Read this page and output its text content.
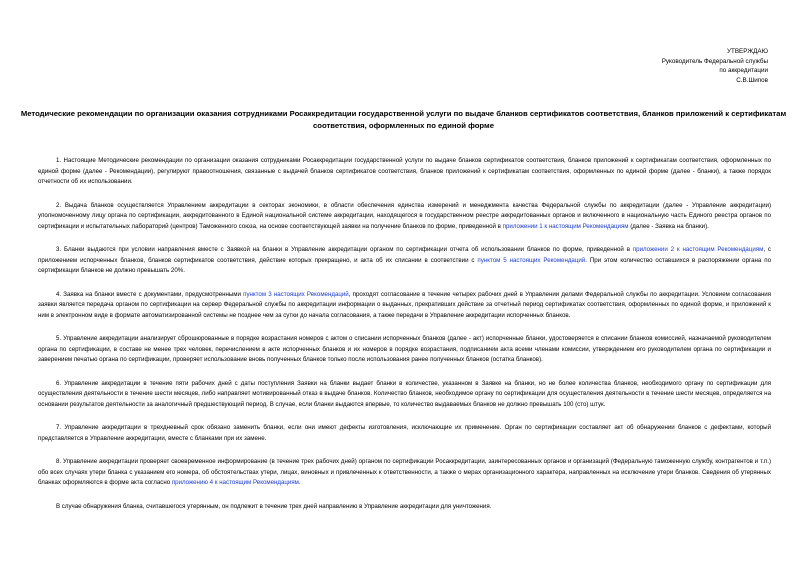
УТВЕРЖДАЮ
Руководитель Федеральной службы
по аккредитации
С.В.Шипов
Методические рекомендации по организации оказания сотрудниками Росаккредитации государственной услуги по выдаче бланков сертификатов соответствия, бланков приложений к сертификатам соответствия, оформленных по единой форме

1. Настоящие Методические рекомендации по организации оказания сотрудниками Росаккредитации государственной услуги по выдаче бланков сертификатов соответствия, бланков приложений к сертификатам соответствия, оформленных по единой форме (далее - Рекомендации), регулируют правоотношения, связанные с выдачей бланков сертификатов соответствия, бланков приложений к сертификатам соответствия, оформленных по единой форме (далее - бланки), а также порядок отчетности об их использовании.

2. Выдача бланков осуществляется Управлением аккредитации в секторах экономики, в области обеспечения единства измерений и менеджмента качества Федеральной службы по аккредитации (далее - Управление аккредитации) уполномоченному лицу органа по сертификации, аккредитованного в Единой национальной системе аккредитации, находящегося в государственном реестре аккредитованных органов и включенного в национальную часть Единого реестра органов по сертификации и испытательных лабораторий (центров) Таможенного союза, на основе соответствующей заявки на получение бланков по форме, приведенной в приложении 1 к настоящим Рекомендациям (далее - Заявка на бланки).

3. Бланки выдаются при условии направления вместе с Заявкой на бланки в Управление аккредитации органом по сертификации отчета об использовании бланков по форме, приведенной в приложении 2 к настоящим Рекомендациям, с приложением испорченных бланков, бланков сертификатов соответствия, действие которых прекращено, и акта об их списании в соответствии с пунктом 5 настоящих Рекомендаций. При этом количество оставшихся в распоряжении органа по сертификации бланков не должно превышать 20%.

4. Заявка на бланки вместе с документами, предусмотренными пунктом 3 настоящих Рекомендаций, проходят согласование в течение четырех рабочих дней в Управлении делами Федеральной службы по аккредитации. Условием согласования заявки является передача органом по сертификации на сервер Федеральной службы по аккредитации информации о выданных, прекративших действие за отчетный период сертификатах соответствия, оформленных по единой форме, и приложений к ним в электронном виде в формате автоматизированной системы не позднее чем за сутки до начала согласования, а также передачи в Управление аккредитации испорченных бланков.

5. Управление аккредитации анализирует сброшюрованные в порядке возрастания номеров с актом о списании испорченных бланков (далее - акт) испорченные бланки, удостоверяется в списании бланков комиссией, назначаемой руководителем органа по сертификации, в составе не менее трех человек, перечислением в акте испорченных бланков и их номеров в порядке возрастания, подписанием акта всеми членами комиссии, утверждением его руководителем органа по сертификации и заверением печатью органа по сертификации, проверяет использование вновь полученных бланков только после использования ранее полученных бланков (остатка бланков).

6. Управление аккредитации в течение пяти рабочих дней с даты поступления Заявки на бланки выдает бланки в количестве, указанном в Заявке на бланки, но не более количества бланков, необходимого органу по сертификации для осуществления деятельности в течение шести месяцев, либо направляет мотивированный отказ в выдаче бланков. Количество бланков, необходимое органу по сертификации для осуществления деятельности в течение шести месяцев, определяется на основании результатов деятельности за аналогичный предшествующий период. В случае, если бланки выдаются впервые, то количество выдаваемых бланков не должно превышать 100 (сто) штук.

7. Управление аккредитации в трехдневный срок обязано заменить бланки, если они имеют дефекты изготовления, исключающие их применение. Орган по сертификации составляет акт об обнаружении бланков с дефектами, который представляется в Управление аккредитации, вместе с бланками при их замене.

8. Управление аккредитации проверяет своевременное информирование (в течение трех рабочих дней) органом по сертификации Росаккредитации, заинтересованных органов и организаций (Федеральную таможенную службу, контрагентов и т.п.) обо всех случаях утери бланка с указанием его номера, об обстоятельствах утери, лицах, виновных и привлеченных к ответственности, а также о мерах организационного характера, направленных на исключение утери бланков. Сведения об утерянных бланках оформляются в форме акта согласно приложению 4 к настоящим Рекомендациям.

В случае обнаружения бланка, считавшегося утерянным, он подлежит в течение трех дней направлению в Управление аккредитации для уничтожения.
